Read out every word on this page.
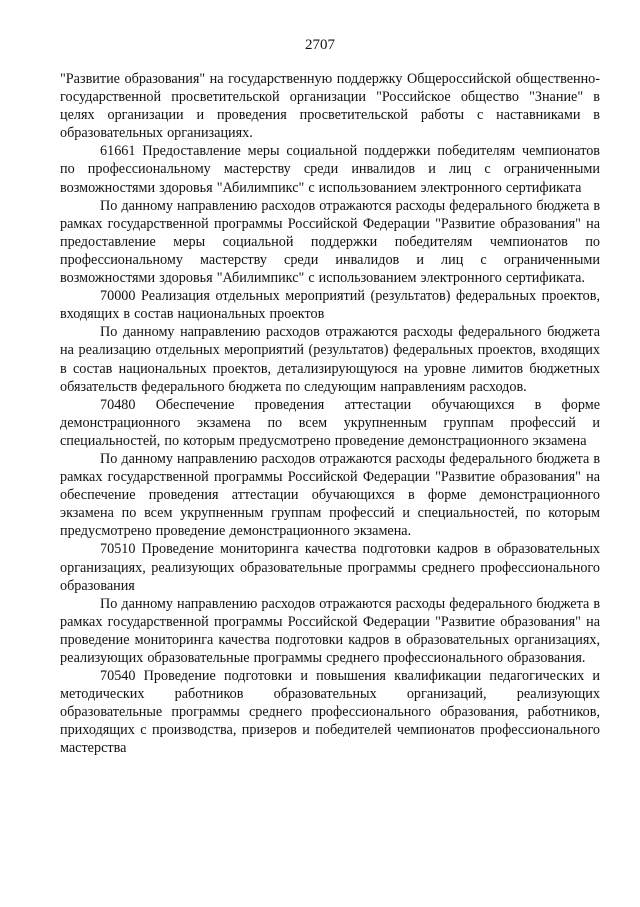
2707

"Развитие образования" на государственную поддержку Общероссийской общественно-государственной просветительской организации "Российское общество "Знание" в целях организации и проведения просветительской работы с наставниками в образовательных организациях.

61661 Предоставление меры социальной поддержки победителям чемпионатов по профессиональному мастерству среди инвалидов и лиц с ограниченными возможностями здоровья "Абилимпикс" с использованием электронного сертификата

По данному направлению расходов отражаются расходы федерального бюджета в рамках государственной программы Российской Федерации "Развитие образования" на предоставление меры социальной поддержки победителям чемпионатов по профессиональному мастерству среди инвалидов и лиц с ограниченными возможностями здоровья "Абилимпикс" с использованием электронного сертификата.

70000 Реализация отдельных мероприятий (результатов) федеральных проектов, входящих в состав национальных проектов

По данному направлению расходов отражаются расходы федерального бюджета на реализацию отдельных мероприятий (результатов) федеральных проектов, входящих в состав национальных проектов, детализирующуюся на уровне лимитов бюджетных обязательств федерального бюджета по следующим направлениям расходов.

70480 Обеспечение проведения аттестации обучающихся в форме демонстрационного экзамена по всем укрупненным группам профессий и специальностей, по которым предусмотрено проведение демонстрационного экзамена

По данному направлению расходов отражаются расходы федерального бюджета в рамках государственной программы Российской Федерации "Развитие образования" на обеспечение проведения аттестации обучающихся в форме демонстрационного экзамена по всем укрупненным группам профессий и специальностей, по которым предусмотрено проведение демонстрационного экзамена.

70510 Проведение мониторинга качества подготовки кадров в образовательных организациях, реализующих образовательные программы среднего профессионального образования

По данному направлению расходов отражаются расходы федерального бюджета в рамках государственной программы Российской Федерации "Развитие образования" на проведение мониторинга качества подготовки кадров в образовательных организациях, реализующих образовательные программы среднего профессионального образования.

70540 Проведение подготовки и повышения квалификации педагогических и методических работников образовательных организаций, реализующих образовательные программы среднего профессионального образования, работников, приходящих с производства, призеров и победителей чемпионатов профессионального мастерства
